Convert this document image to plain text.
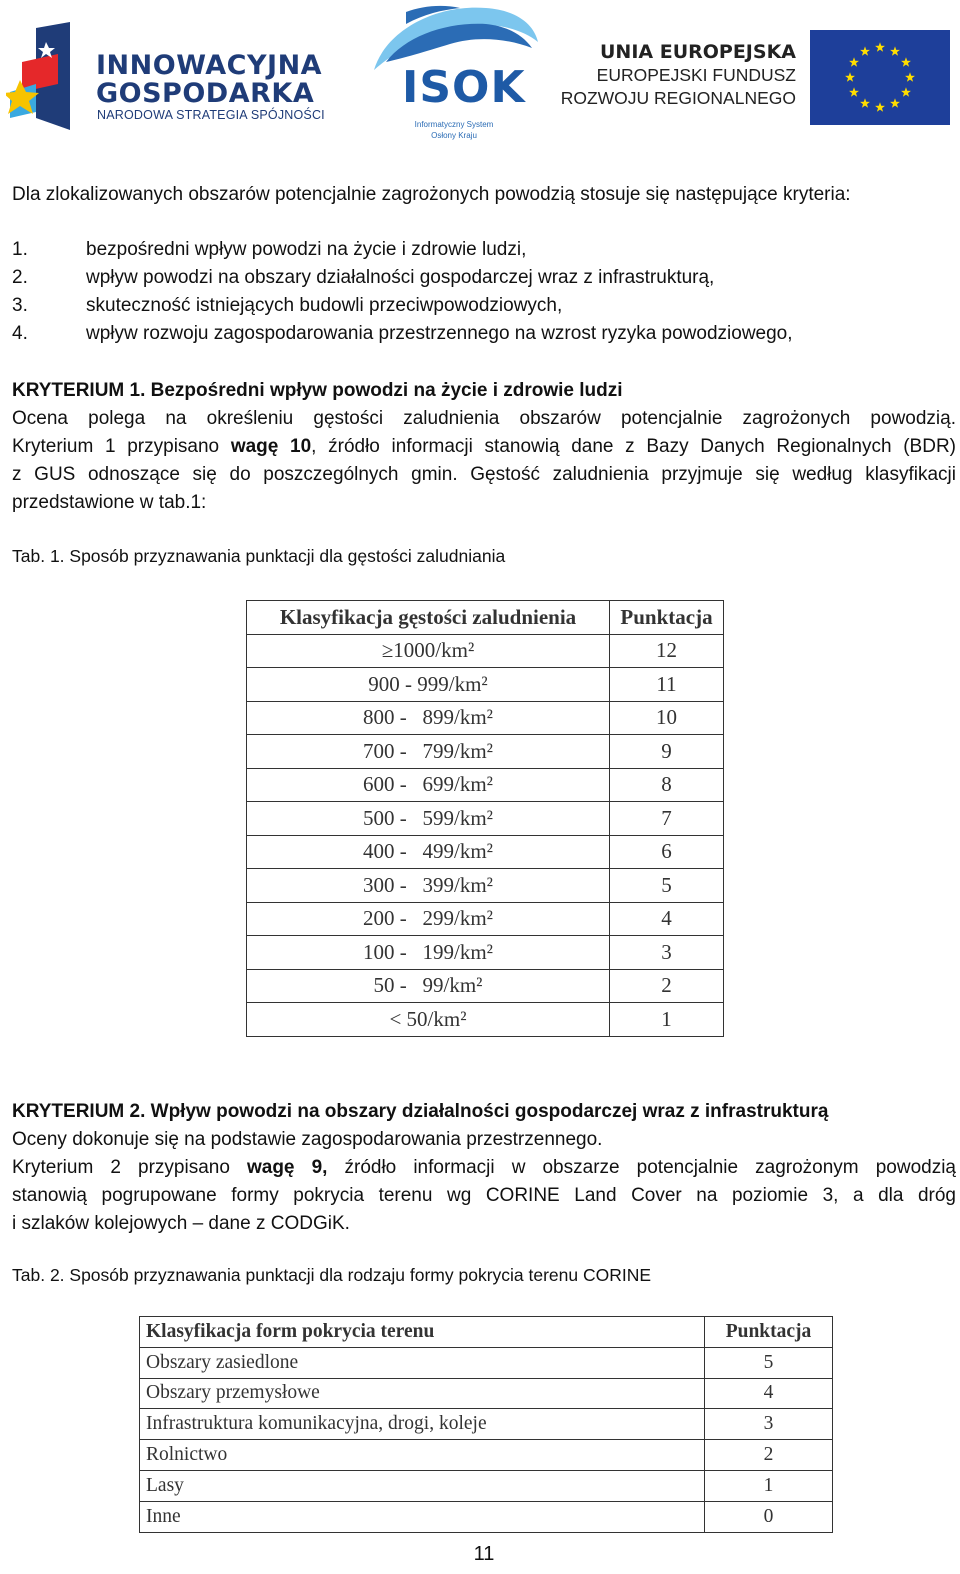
INNOWACYJNA
GOSPODARKA
NARODOWA STRATEGIA SPÓJNOŚCI
ISOK
Informatyczny System
Osłony Kraju
UNIA EUROPEJSKA
EUROPEJSKI FUNDUSZ
ROZWOJU REGIONALNEGO
Dla zlokalizowanych obszarów potencjalnie zagrożonych powodzią stosuje się następujące kryteria:
1.	bezpośredni wpływ powodzi na życie i zdrowie ludzi,
2.	wpływ powodzi na obszary działalności gospodarczej wraz z infrastrukturą,
3.	skuteczność istniejących budowli przeciwpowodziowych,
4.	wpływ rozwoju zagospodarowania przestrzennego na wzrost ryzyka powodziowego,
KRYTERIUM 1. Bezpośredni wpływ powodzi na życie i zdrowie ludzi
Ocena polega na określeniu gęstości zaludnienia obszarów potencjalnie zagrożonych powodzią.
Kryterium 1 przypisano wagę 10, źródło informacji stanowią dane z Bazy Danych Regionalnych (BDR)
z GUS odnoszące się do poszczególnych gmin. Gęstość zaludnienia przyjmuje się według klasyfikacji
przedstawione w tab.1:
Tab. 1. Sposób przyznawania punktacji dla gęstości zaludniania
Klasyfikacja gęstości zaludnienia	Punktacja
≥1000/km²	12
900 - 999/km²	11
800 -   899/km²	10
700 -   799/km²	9
600 -   699/km²	8
500 -   599/km²	7
400 -   499/km²	6
300 -   399/km²	5
200 -   299/km²	4
100 -   199/km²	3
50 -   99/km²	2
< 50/km²	1
KRYTERIUM 2. Wpływ powodzi na obszary działalności gospodarczej wraz z infrastrukturą
Oceny dokonuje się na podstawie zagospodarowania przestrzennego.
Kryterium 2 przypisano wagę 9, źródło informacji w obszarze potencjalnie zagrożonym powodzią
stanowią pogrupowane formy pokrycia terenu wg CORINE Land Cover na poziomie 3, a dla dróg
i szlaków kolejowych – dane z CODGiK.
Tab. 2. Sposób przyznawania punktacji dla rodzaju formy pokrycia terenu CORINE
Klasyfikacja form pokrycia terenu	Punktacja
Obszary zasiedlone	5
Obszary przemysłowe	4
Infrastruktura komunikacyjna, drogi, koleje	3
Rolnictwo	2
Lasy	1
Inne	0
11
